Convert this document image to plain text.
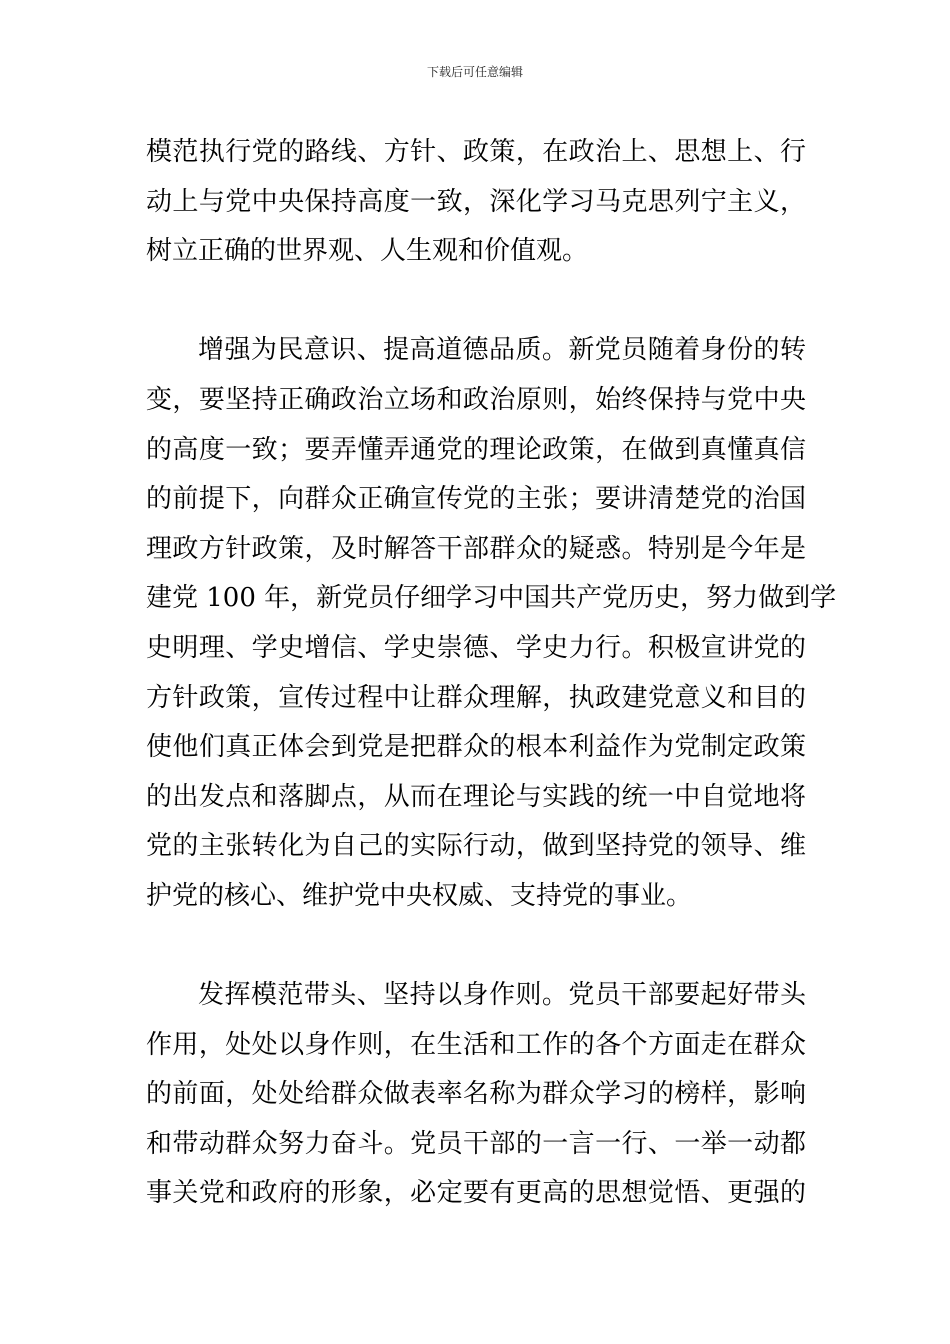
下载后可任意编辑
模范执行党的路线、方针、政策，在政治上、思想上、行
动上与党中央保持高度一致，深化学习马克思列宁主义，
树立正确的世界观、人生观和价值观。
增强为民意识、提高道德品质。新党员随着身份的转
变，要坚持正确政治立场和政治原则，始终保持与党中央
的高度一致；要弄懂弄通党的理论政策，在做到真懂真信
的前提下，向群众正确宣传党的主张；要讲清楚党的治国
理政方针政策，及时解答干部群众的疑惑。特别是今年是
建党 100 年，新党员仔细学习中国共产党历史，努力做到学
史明理、学史增信、学史崇德、学史力行。积极宣讲党的
方针政策，宣传过程中让群众理解，执政建党意义和目的
使他们真正体会到党是把群众的根本利益作为党制定政策
的出发点和落脚点，从而在理论与实践的统一中自觉地将
党的主张转化为自己的实际行动，做到坚持党的领导、维
护党的核心、维护党中央权威、支持党的事业。
发挥模范带头、坚持以身作则。党员干部要起好带头
作用，处处以身作则，在生活和工作的各个方面走在群众
的前面，处处给群众做表率名称为群众学习的榜样，影响
和带动群众努力奋斗。党员干部的一言一行、一举一动都
事关党和政府的形象，必定要有更高的思想觉悟、更强的
